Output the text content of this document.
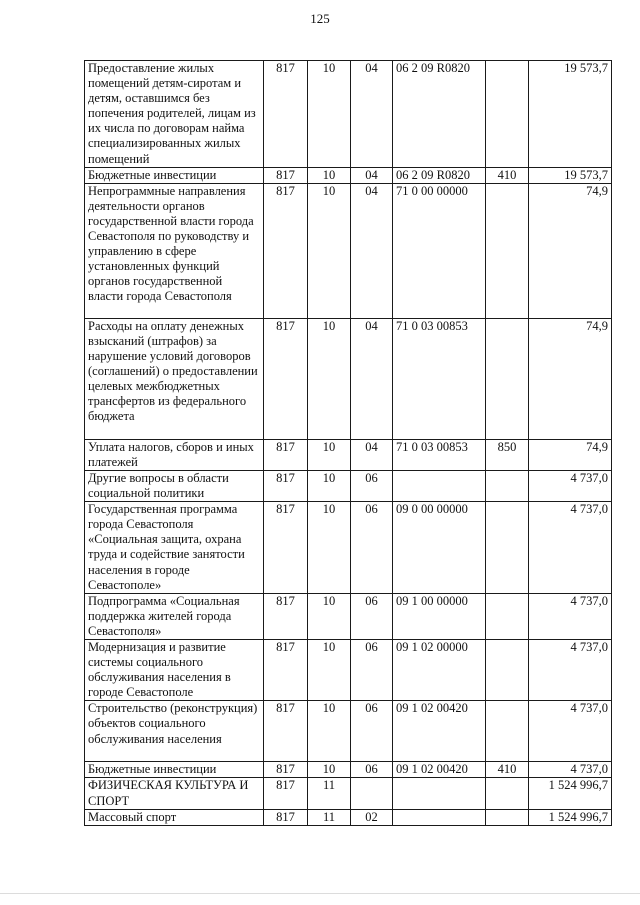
125
Предоставление жилых помещений детям-сиротам и детям, оставшимся без попечения родителей, лицам из их числа по договорам найма специализированных жилых помещений	817	10	04	06 2 09 R0820		19 573,7
Бюджетные инвестиции	817	10	04	06 2 09 R0820	410	19 573,7
Непрограммные направления деятельности органов государственной власти города Севастополя по руководству и управлению в сфере установленных функций органов государственной власти города Севастополя	817	10	04	71 0 00 00000		74,9
Расходы на оплату денежных взысканий (штрафов) за нарушение условий договоров (соглашений) о предоставлении целевых межбюджетных трансфертов из федерального бюджета	817	10	04	71 0 03 00853		74,9
Уплата налогов, сборов и иных платежей	817	10	04	71 0 03 00853	850	74,9
Другие вопросы в области социальной политики	817	10	06			4 737,0
Государственная программа города Севастополя «Социальная защита, охрана труда и содействие занятости населения в городе Севастополе»	817	10	06	09 0 00 00000		4 737,0
Подпрограмма «Социальная поддержка жителей города Севастополя»	817	10	06	09 1 00 00000		4 737,0
Модернизация и развитие системы социального обслуживания населения в городе Севастополе	817	10	06	09 1 02 00000		4 737,0
Строительство (реконструкция) объектов социального обслуживания населения	817	10	06	09 1 02 00420		4 737,0
Бюджетные инвестиции	817	10	06	09 1 02 00420	410	4 737,0
ФИЗИЧЕСКАЯ КУЛЬТУРА И СПОРТ	817	11				1 524 996,7
Массовый спорт	817	11	02			1 524 996,7
